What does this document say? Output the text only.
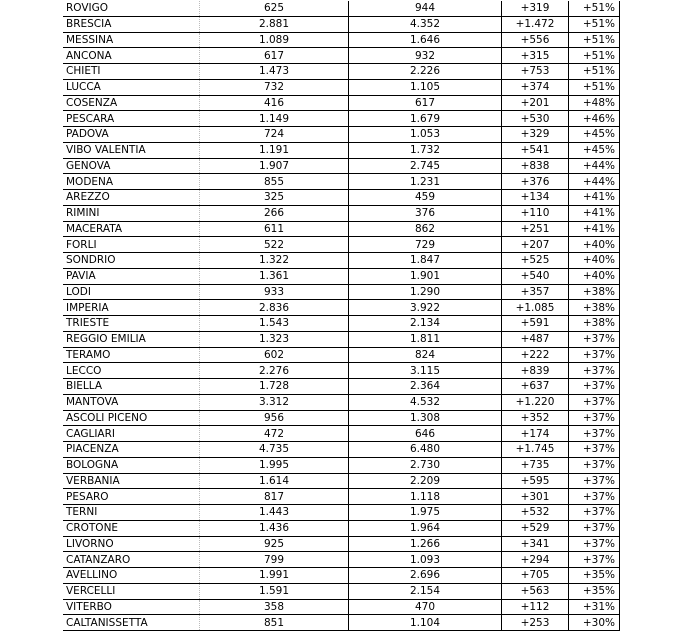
ROVIGO	625	944	+319	+51%
BRESCIA	2.881	4.352	+1.472	+51%
MESSINA	1.089	1.646	+556	+51%
ANCONA	617	932	+315	+51%
CHIETI	1.473	2.226	+753	+51%
LUCCA	732	1.105	+374	+51%
COSENZA	416	617	+201	+48%
PESCARA	1.149	1.679	+530	+46%
PADOVA	724	1.053	+329	+45%
VIBO VALENTIA	1.191	1.732	+541	+45%
GENOVA	1.907	2.745	+838	+44%
MODENA	855	1.231	+376	+44%
AREZZO	325	459	+134	+41%
RIMINI	266	376	+110	+41%
MACERATA	611	862	+251	+41%
FORLI	522	729	+207	+40%
SONDRIO	1.322	1.847	+525	+40%
PAVIA	1.361	1.901	+540	+40%
LODI	933	1.290	+357	+38%
IMPERIA	2.836	3.922	+1.085	+38%
TRIESTE	1.543	2.134	+591	+38%
REGGIO EMILIA	1.323	1.811	+487	+37%
TERAMO	602	824	+222	+37%
LECCO	2.276	3.115	+839	+37%
BIELLA	1.728	2.364	+637	+37%
MANTOVA	3.312	4.532	+1.220	+37%
ASCOLI PICENO	956	1.308	+352	+37%
CAGLIARI	472	646	+174	+37%
PIACENZA	4.735	6.480	+1.745	+37%
BOLOGNA	1.995	2.730	+735	+37%
VERBANIA	1.614	2.209	+595	+37%
PESARO	817	1.118	+301	+37%
TERNI	1.443	1.975	+532	+37%
CROTONE	1.436	1.964	+529	+37%
LIVORNO	925	1.266	+341	+37%
CATANZARO	799	1.093	+294	+37%
AVELLINO	1.991	2.696	+705	+35%
VERCELLI	1.591	2.154	+563	+35%
VITERBO	358	470	+112	+31%
CALTANISSETTA	851	1.104	+253	+30%
